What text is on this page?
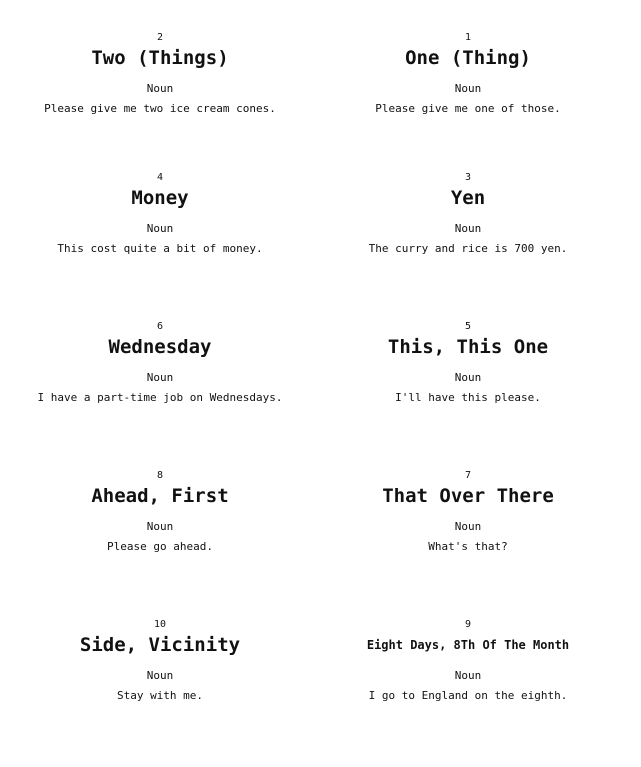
2
Two (Things)
Noun
Please give me two ice cream cones.
1
One (Thing)
Noun
Please give me one of those.
4
Money
Noun
This cost quite a bit of money.
3
Yen
Noun
The curry and rice is 700 yen.
6
Wednesday
Noun
I have a part-time job on Wednesdays.
5
This, This One
Noun
I'll have this please.
8
Ahead, First
Noun
Please go ahead.
7
That Over There
Noun
What's that?
10
Side, Vicinity
Noun
Stay with me.
9
Eight Days, 8Th Of The Month
Noun
I go to England on the eighth.
